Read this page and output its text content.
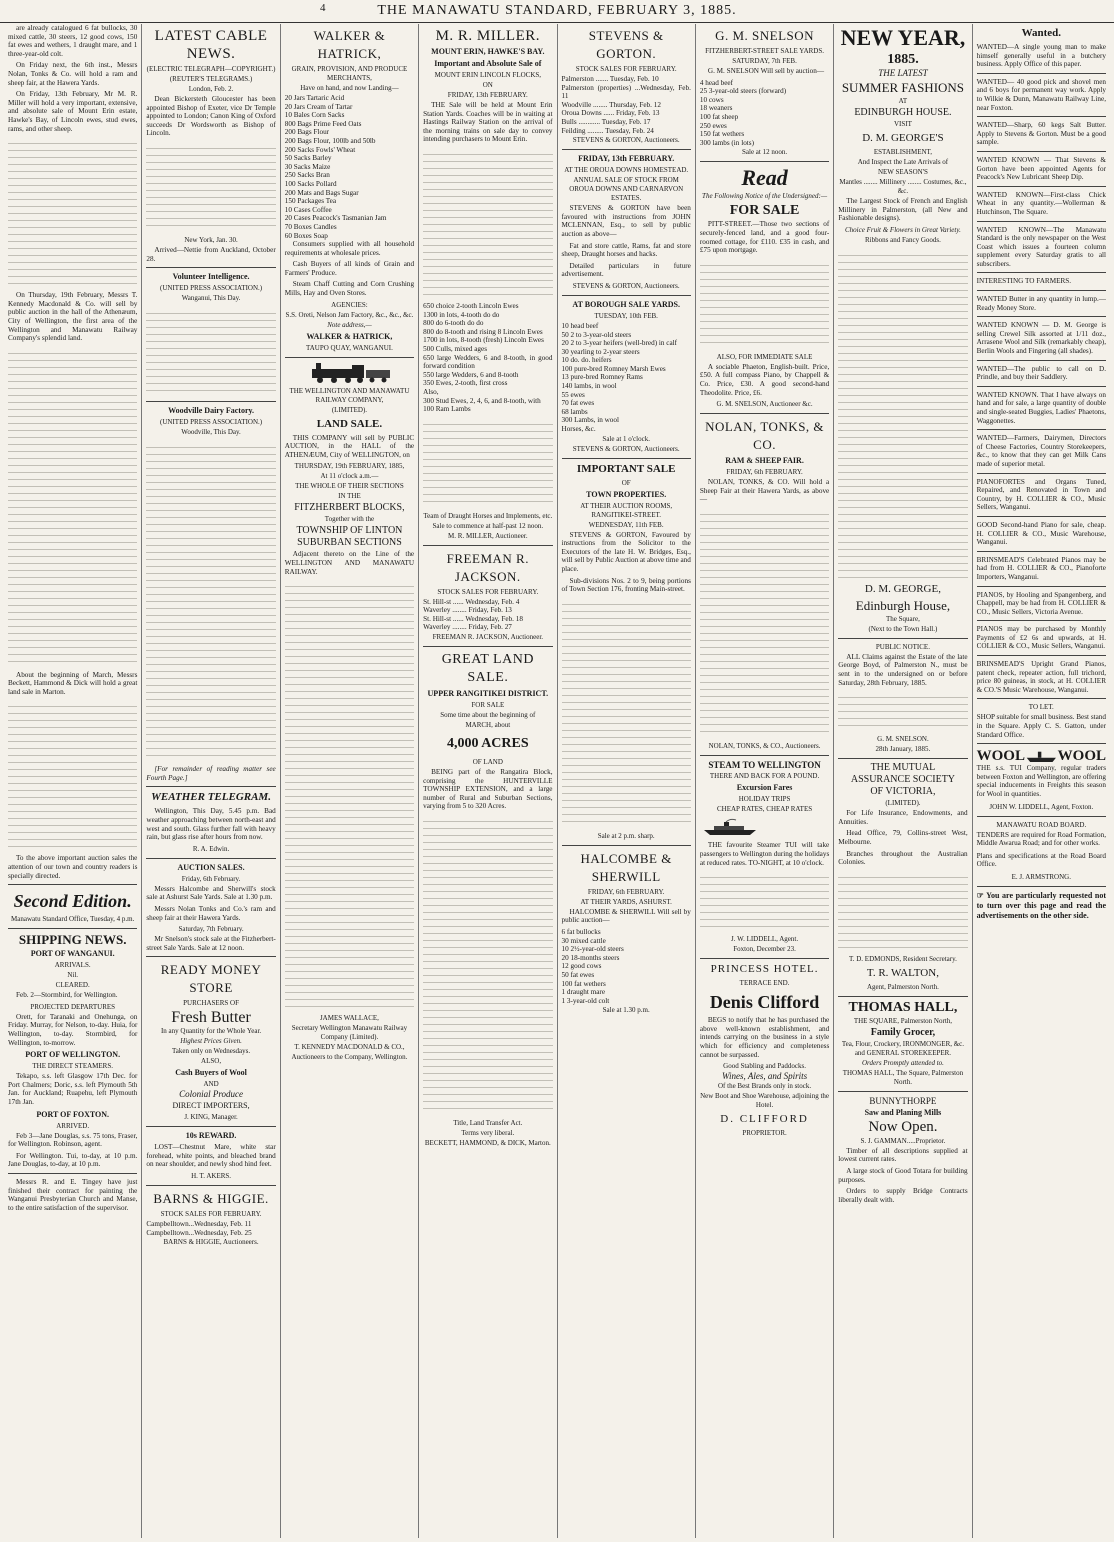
4	THE MANAWATU STANDARD, FEBRUARY 3, 1885.

are already catalogued 6 fat bullocks, 30 mixed cattle, 30 steers, 12 good cows, 150 fat ewes and wethers, 1 draught mare, and 1 three-year-old colt.

On Friday next, the 6th inst., Messrs Nolan, Tonks & Co. will hold a ram and sheep fair, at the Hawera Yards.

On Friday, 13th February, Mr M. R. Miller will hold a very important, extensive, and absolute sale of Mount Erin estate, Hawke's Bay, of Lincoln ewes, stud ewes, rams, and other sheep.

On Thursday, 19th February, Messrs T. Kennedy Macdonald & Co. will sell by public auction in the hall of the Athenæum, City of Wellington, the first area of the Wellington and Manawatu Railway Company's splendid land.

About the beginning of March, Messrs Beckett, Hammond & Dick will hold a great land sale in Marton.

To the above important auction sales the attention of our town and country readers is specially directed.

Second Edition.
Manawatu Standard Office, Tuesday, 4 p.m.
SHIPPING NEWS.
PORT OF WANGANUI.
ARRIVALS.
Nil.
CLEARED.

Feb. 2—Stormbird, for Wellington.

PROJECTED DEPARTURES

Orett, for Taranaki and Onehunga, on Friday. Murray, for Nelson, to-day. Huia, for Wellington, to-day. Stormbird, for Wellington, to-morrow.

PORT OF WELLINGTON.
THE DIRECT STEAMERS.

Tekapo, s.s. left Glasgow 17th Dec. for Port Chalmers; Doric, s.s. left Plymouth 5th Jan. for Auckland; Ruapehu, left Plymouth 17th Jan.

PORT OF FOXTON.
ARRIVED.

Feb 3—Jane Douglas, s.s. 75 tons, Fraser, for Wellington. Robinson, agent.

For Wellington. Tui, to-day, at 10 p.m. Jane Douglas, to-day, at 10 p.m.

Messrs R. and E. Tingey have just finished their contract for painting the Wanganui Presbyterian Church and Manse, to the entire satisfaction of the supervisor.

LATEST CABLE NEWS.
(ELECTRIC TELEGRAPH—COPYRIGHT.)
(REUTER'S TELEGRAMS.)
London, Feb. 2.

Dean Bickersteth Gloucester has been appointed Bishop of Exeter, vice Dr Temple appointed to London; Canon King of Oxford succeeds Dr Wordsworth as Bishop of Lincoln.

New York, Jan. 30.

Arrived—Nettie from Auckland, October 28.

Volunteer Intelligence.
(UNITED PRESS ASSOCIATION.)
Wanganui, This Day.
Woodville Dairy Factory.
(UNITED PRESS ASSOCIATION.)
Woodville, This Day.

[For remainder of reading matter see Fourth Page.]

WEATHER TELEGRAM.

Wellington, This Day, 5.45 p.m. Bad weather approaching between north-east and west and south. Glass further fall with heavy rain, but glass rise after hours from now.

R. A. Edwin.
AUCTION SALES.
Friday, 6th February.

Messrs Halcombe and Sherwill's stock sale at Ashurst Sale Yards. Sale at 1.30 p.m.

Messrs Nolan Tonks and Co.'s ram and sheep fair at their Hawera Yards.

Saturday, 7th February.

Mr Snelson's stock sale at the Fitzherbert-street Sale Yards. Sale at 12 noon.

READY MONEY STORE
PURCHASERS OF
Fresh Butter
In any Quantity for the Whole Year.
Highest Prices Given.
Taken only on Wednesdays.
ALSO,
Cash Buyers of Wool
AND
Colonial Produce
DIRECT IMPORTERS,
J. KING, Manager.
10s REWARD.

LOST—Chestnut Mare, white star forehead, white points, and bleached brand on near shoulder, and newly shod hind feet.

H. T. AKERS.
BARNS & HIGGIE.
STOCK SALES FOR FEBRUARY.
Campbelltown...Wednesday, Feb. 11
Campbelltown...Wednesday, Feb. 25
BARNS & HIGGIE, Auctioneers.
WALKER & HATRICK,
GRAIN, PROVISION, AND PRODUCE MERCHANTS,
Have on hand, and now Landing—
20 Jars Tartaric Acid
20 Jars Cream of Tartar
10 Bales Corn Sacks
800 Bags Prime Feed Oats
200 Bags Flour
200 Bags Flour, 100lb and 50lb
200 Sacks Fowls' Wheat
50 Sacks Barley
30 Sacks Maize
250 Sacks Bran
100 Sacks Pollard
200 Mats and Bags Sugar
150 Packages Tea
10 Cases Coffee
20 Cases Peacock's Tasmanian Jam
70 Boxes Candles
60 Boxes Soap

Consumers supplied with all household requirements at wholesale prices.

Cash Buyers of all kinds of Grain and Farmers' Produce.

Steam Chaff Cutting and Corn Crushing Mills, Hay and Oven Stores.

AGENCIES:
S.S. Oreti, Nelson Jam Factory, &c., &c., &c.
Note address,—
WALKER & HATRICK,
TAUPO QUAY, WANGANUI.
THE WELLINGTON AND MANAWATU RAILWAY COMPANY,
(LIMITED).
LAND SALE.

THIS COMPANY will sell by PUBLIC AUCTION, in the HALL of the ATHENÆUM, City of WELLINGTON, on

THURSDAY, 19th FEBRUARY, 1885,
At 11 o'clock a.m.—
THE WHOLE OF THEIR SECTIONS
IN THE
FITZHERBERT BLOCKS,
Together with the
TOWNSHIP OF LINTON
SUBURBAN SECTIONS

Adjacent thereto on the Line of the WELLINGTON AND MANAWATU RAILWAY.

JAMES WALLACE,
Secretary Wellington Manawatu Railway Company (Limited).
T. KENNEDY MACDONALD & CO.,
Auctioneers to the Company, Wellington.
M. R. MILLER.
MOUNT ERIN, HAWKE'S BAY.
Important and Absolute Sale of
MOUNT ERIN LINCOLN FLOCKS,
ON
FRIDAY, 13th FEBRUARY.

THE Sale will be held at Mount Erin Station Yards. Coaches will be in waiting at Hastings Railway Station on the arrival of the morning trains on sale day to convey intending purchasers to Mount Erin.

650 choice 2-tooth Lincoln Ewes
1300 in lots, 4-tooth do do
800 do 6-tooth do do
800 do 8-tooth and rising 8 Lincoln Ewes
1700 in lots, 8-tooth (fresh) Lincoln Ewes
500 Culls, mixed ages
650 large Wedders, 6 and 8-tooth, in good forward condition
550 large Wedders, 6 and 8-tooth
350 Ewes, 2-tooth, first cross
Also,
300 Stud Ewes, 2, 4, 6, and 8-tooth, with
100 Ram Lambs
Team of Draught Horses and Implements, etc.
Sale to commence at half-past 12 noon.
M. R. MILLER, Auctioneer.
FREEMAN R. JACKSON.
STOCK SALES FOR FEBRUARY.
St. Hill-st ...... Wednesday, Feb. 4
Waverley ........ Friday, Feb. 13
St. Hill-st ...... Wednesday, Feb. 18
Waverley ........ Friday, Feb. 27
FREEMAN R. JACKSON, Auctioneer.
GREAT LAND SALE.
UPPER RANGITIKEI DISTRICT.
FOR SALE
Some time about the beginning of
MARCH, about
4,000 ACRES
OF LAND

BEING part of the Rangatira Block, comprising the HUNTERVILLE TOWNSHIP EXTENSION, and a large number of Rural and Suburban Sections, varying from 5 to 320 Acres.

Title, Land Transfer Act.
Terms very liberal.
BECKETT, HAMMOND, & DICK, Marton.
STEVENS & GORTON.
STOCK SALES FOR FEBRUARY.
Palmerston ....... Tuesday, Feb. 10
Palmerston (properties) ...Wednesday, Feb. 11
Woodville ........ Thursday, Feb. 12
Oroua Downs ...... Friday, Feb. 13
Bulls ............ Tuesday, Feb. 17
Feilding ......... Tuesday, Feb. 24
STEVENS & GORTON, Auctioneers.
FRIDAY, 13th FEBRUARY.
AT THE OROUA DOWNS HOMESTEAD.
ANNUAL SALE OF STOCK FROM OROUA DOWNS AND CARNARVON ESTATES.

STEVENS & GORTON have been favoured with instructions from JOHN MCLENNAN, Esq., to sell by public auction as above—

Fat and store cattle, Rams, fat and store sheep, Draught horses and hacks.

Detailed particulars in future advertisement.

STEVENS & GORTON, Auctioneers.
AT BOROUGH SALE YARDS.
TUESDAY, 10th FEB.
10 head beef
50 2 to 3-year-old steers
20 2 to 3-year heifers (well-bred) in calf
30 yearling to 2-year steers
10 do. do. heifers
100 pure-bred Romney Marsh Ewes
13 pure-bred Romney Rams
140 lambs, in wool
55 ewes
70 fat ewes
68 lambs
300 Lambs, in wool
Horses, &c.
Sale at 1 o'clock.
STEVENS & GORTON, Auctioneers.
IMPORTANT SALE
OF
TOWN PROPERTIES.
AT THEIR AUCTION ROOMS, RANGITIKEI-STREET.
WEDNESDAY, 11th FEB.

STEVENS & GORTON, Favoured by instructions from the Solicitor to the Executors of the late H. W. Bridges, Esq., will sell by Public Auction at above time and place.

Sub-divisions Nos. 2 to 9, being portions of Town Section 176, fronting Main-street.

Sale at 2 p.m. sharp.
HALCOMBE & SHERWILL
FRIDAY, 6th FEBRUARY.
AT THEIR YARDS, ASHURST.

HALCOMBE & SHERWILL Will sell by public auction—

6 fat bullocks
30 mixed cattle
10 2½-year-old steers
20 18-months steers
12 good cows
50 fat ewes
100 fat wethers
1 draught mare
1 3-year-old colt
Sale at 1.30 p.m.
G. M. SNELSON
FITZHERBERT-STREET SALE YARDS.
SATURDAY, 7th FEB.

G. M. SNELSON Will sell by auction—

4 head beef
25 3-year-old steers (forward)
10 cows
18 weaners
100 fat sheep
250 ewes
150 fat wethers
300 lambs (in lots)
Sale at 12 noon.
Read
The Following Notice of the Undersigned:—
FOR SALE

PITT-STREET.—Those two sections of securely-fenced land, and a good four-roomed cottage, for £110. £35 in cash, and £75 upon mortgage.

ALSO, FOR IMMEDIATE SALE

A sociable Phaeton, English-built. Price, £50. A full compass Piano, by Chappell & Co. Price, £30. A good second-hand Theodolite. Price, £6.

G. M. SNELSON, Auctioneer &c.
NOLAN, TONKS, & CO.
RAM & SHEEP FAIR.
FRIDAY, 6th FEBRUARY.

NOLAN, TONKS, & CO. Will hold a Sheep Fair at their Hawera Yards, as above—

NOLAN, TONKS, & CO., Auctioneers.
STEAM TO WELLINGTON
THERE AND BACK FOR A POUND.
Excursion Fares
HOLIDAY TRIPS
CHEAP RATES, CHEAP RATES

THE favourite Steamer TUI will take passengers to Wellington during the holidays at reduced rates. TO-NIGHT, at 10 o'clock.

J. W. LIDDELL, Agent.
Foxton, December 23.
PRINCESS HOTEL.
TERRACE END.
Denis Clifford

BEGS to notify that he has purchased the above well-known establishment, and intends carrying on the business in a style which for efficiency and completeness cannot be surpassed.

Good Stabling and Paddocks.
Wines, Ales, and Spirits
Of the Best Brands only in stock.
New Boot and Shoe Warehouse, adjoining the Hotel.
D. CLIFFORD
PROPRIETOR.
NEW YEAR,
1885.
THE LATEST
SUMMER FASHIONS
AT
EDINBURGH HOUSE.
VISIT
D. M. GEORGE'S
ESTABLISHMENT,
And Inspect the Late Arrivals of
NEW SEASON'S
Mantles ........ Millinery ........ Costumes, &c., &c.

The Largest Stock of French and English Millinery in Palmerston, (all New and Fashionable designs).

Choice Fruit & Flowers in Great Variety.
Ribbons and Fancy Goods.
D. M. GEORGE,
Edinburgh House,
The Square,
(Next to the Town Hall.)
PUBLIC NOTICE.

ALL Claims against the Estate of the late George Boyd, of Palmerston N., must be sent in to the undersigned on or before Saturday, 28th February, 1885.

G. M. SNELSON.
28th January, 1885.
THE MUTUAL
ASSURANCE SOCIETY
OF VICTORIA,
(LIMITED).

For Life Insurance, Endowments, and Annuities.

Head Office, 79, Collins-street West, Melbourne.

Branches throughout the Australian Colonies.

T. D. EDMONDS, Resident Secretary.
T. R. WALTON,
Agent, Palmerston North.
THOMAS HALL,
THE SQUARE, Palmerston North,
Family Grocer,
Tea, Flour, Crockery, IRONMONGER, &c. and GENERAL STOREKEEPER.
Orders Promptly attended to.
THOMAS HALL, The Square, Palmerston North.
BUNNYTHORPE
Saw and Planing Mills
Now Open.
S. J. GAMMAN.....Proprietor.

Timber of all descriptions supplied at lowest current rates.

A large stock of Good Totara for building purposes.

Orders to supply Bridge Contracts liberally dealt with.

Wanted.

WANTED—A single young man to make himself generally useful in a butchery business. Apply Office of this paper.

WANTED— 40 good pick and shovel men and 6 boys for permanent way work. Apply to Wilkie & Dunn, Manawatu Railway Line, near Foxton.

WANTED—Sharp, 60 kegs Salt Butter. Apply to Stevens & Gorton. Must be a good sample.

WANTED KNOWN — That Stevens & Gorton have been appointed Agents for Peacock's New Lubricant Sheep Dip.

WANTED KNOWN—First-class Chick Wheat in any quantity.—Wollerman & Hutchinson, The Square.

WANTED KNOWN—The Manawatu Standard is the only newspaper on the West Coast which issues a fourteen column supplement every Saturday gratis to all subscribers.

INTERESTING TO FARMERS.

WANTED Butter in any quantity in lump.—Ready Money Store.

WANTED KNOWN — D. M. George is selling Crewel Silk assorted at 1/11 doz., Arrasene Wool and Silk (remarkably cheap), Berlin Wools and Fingering (all shades).

WANTED—The public to call on D. Prindle, and buy their Saddlery.

WANTED KNOWN. That I have always on hand and for sale, a large quantity of double and single-seated Buggies, Ladies' Phaetons, Waggonettes.

WANTED—Farmers, Dairymen, Directors of Cheese Factories, Country Storekeepers, &c., to know that they can get Milk Cans made of superior metal.

PIANOFORTES and Organs Tuned, Repaired, and Renovated in Town and Country, by H. COLLIER & CO., Music Sellers, Wanganui.

GOOD Second-hand Piano for sale, cheap. H. COLLIER & CO., Music Warehouse, Wanganui.

BRINSMEAD'S Celebrated Pianos may be had from H. COLLIER & CO., Pianoforte Importers, Wanganui.

PIANOS, by Hooling and Spangenberg, and Chappell, may be had from H. COLLIER & CO., Music Sellers, Victoria Avenue.

PIANOS may be purchased by Monthly Payments of £2 6s and upwards, at H. COLLIER & CO., Music Sellers, Wanganui.

BRINSMEAD'S Upright Grand Pianos, patent check, repeater action, full trichord, price 80 guineas, in stock, at H. COLLIER & CO.'S Music Warehouse, Wanganui.

TO LET.

SHOP suitable for small business. Best stand in the Square. Apply C. S. Gatton, under Standard Office.

WOOL WOOL

THE s.s. TUI Company, regular traders between Foxton and Wellington, are offering special inducements in Freights this season for Wool in quantities.

JOHN W. LIDDELL, Agent, Foxton.
MANAWATU ROAD BOARD.

TENDERS are required for Road Formation, Middle Awarua Road; and for other works.

Plans and specifications at the Road Board Office.

E. J. ARMSTRONG.

☞ You are particularly requested not to turn over this page and read the advertisements on the other side.
